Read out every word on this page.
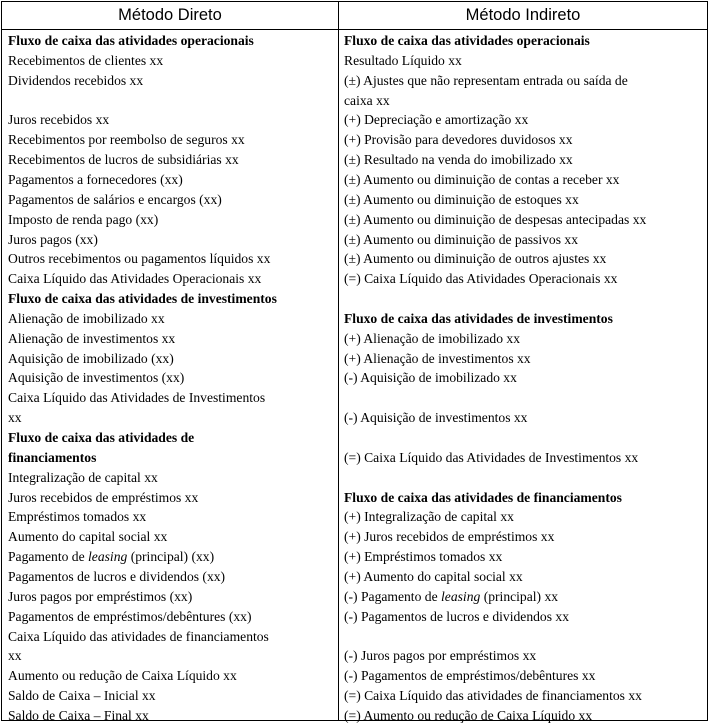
Método Direto	Método Indireto
Fluxo de caixa das atividades operacionais
Recebimentos de clientes xx
Dividendos recebidos xx
Juros recebidos xx
Recebimentos por reembolso de seguros xx
Recebimentos de lucros de subsidiárias xx
Pagamentos a fornecedores (xx)
Pagamentos de salários e encargos (xx)
Imposto de renda pago (xx)
Juros pagos (xx)
Outros recebimentos ou pagamentos líquidos xx
Caixa Líquido das Atividades Operacionais xx
Fluxo de caixa das atividades de investimentos
Alienação de imobilizado xx
Alienação de investimentos xx
Aquisição de imobilizado (xx)
Aquisição de investimentos (xx)
Caixa Líquido das Atividades de Investimentos
xx
Fluxo de caixa das atividades de
financiamentos
Integralização de capital xx
Juros recebidos de empréstimos xx
Empréstimos tomados xx
Aumento do capital social xx
Pagamento de leasing (principal) (xx)
Pagamentos de lucros e dividendos (xx)
Juros pagos por empréstimos (xx)
Pagamentos de empréstimos/debêntures (xx)
Caixa Líquido das atividades de financiamentos
xx
Aumento ou redução de Caixa Líquido xx
Saldo de Caixa – Inicial xx
Saldo de Caixa – Final xx
Fluxo de caixa das atividades operacionais
Resultado Líquido xx
(±) Ajustes que não representam entrada ou saída de
caixa xx
(+) Depreciação e amortização xx
(+) Provisão para devedores duvidosos xx
(±) Resultado na venda do imobilizado xx
(±) Aumento ou diminuição de contas a receber xx
(±) Aumento ou diminuição de estoques xx
(±) Aumento ou diminuição de despesas antecipadas xx
(±) Aumento ou diminuição de passivos xx
(±) Aumento ou diminuição de outros ajustes xx
(=) Caixa Líquido das Atividades Operacionais xx
Fluxo de caixa das atividades de investimentos
(+) Alienação de imobilizado xx
(+) Alienação de investimentos xx
(-) Aquisição de imobilizado xx
(-) Aquisição de investimentos xx
(=) Caixa Líquido das Atividades de Investimentos xx
Fluxo de caixa das atividades de financiamentos
(+) Integralização de capital xx
(+) Juros recebidos de empréstimos xx
(+) Empréstimos tomados xx
(+) Aumento do capital social xx
(-) Pagamento de leasing (principal) xx
(-) Pagamentos de lucros e dividendos xx
(-) Juros pagos por empréstimos xx
(-) Pagamentos de empréstimos/debêntures xx
(=) Caixa Líquido das atividades de financiamentos xx
(=) Aumento ou redução de Caixa Líquido xx
